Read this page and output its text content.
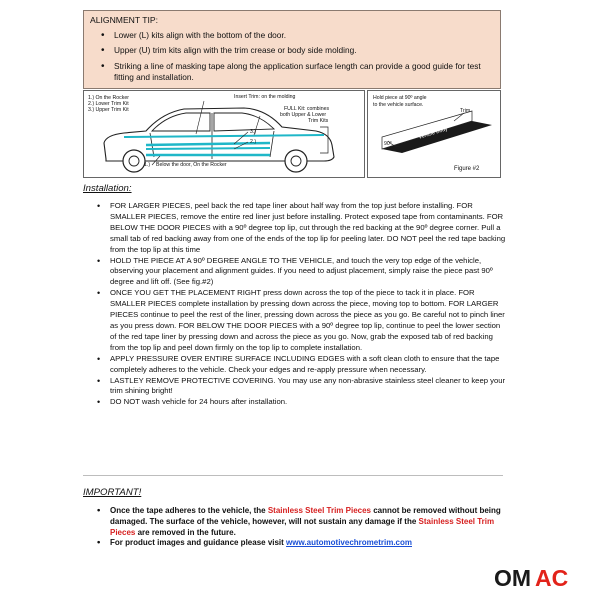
ALIGNMENT TIP:
• Lower (L) kits align with the bottom of the door.
• Upper (U) trim kits align with the trim crease or body side molding.
• Striking a line of masking tape along the application surface length can provide a good guide for test fitting and installation.
1.) On the Rocker
2.) Lower Trim Kit
3.) Upper Trim Kit
Insert Trim: on the molding
FULL Kit: combines
both Upper & Lower
Trim Kits
3.)
2.)
1.) Below the door, On the Rocker
Hold piece at 90º angle
to the vehicle surface.
Trim
90°
Vehicle Body
Figure #2
Installation:
• FOR LARGER PIECES, peel back the red tape liner about half way from the top just before installing. FOR SMALLER PIECES, remove the entire red liner just before installing. Protect exposed tape from contaminants. FOR BELOW THE DOOR PIECES with a 90º degree top lip, cut through the red backing at the 90º degree corner. Pull a small tab of red backing away from one of the ends of the top lip for peeling later. DO NOT peel the red tape backing from the top lip at this time
• HOLD THE PIECE AT A 90º DEGREE ANGLE TO THE VEHICLE, and touch the very top edge of the vehicle, observing your placement and alignment guides. If you need to adjust placement, simply raise the piece past 90º degree and lift off. (See fig.#2)
• ONCE YOU GET THE PLACEMENT RIGHT press down across the top of the piece to tack it in place. FOR SMALLER PIECES complete installation by pressing down across the piece, moving top to bottom. FOR LARGER PIECES continue to peel the rest of the liner, pressing down across the piece as you go. Be careful not to pinch liner as you press down. FOR BELOW THE DOOR PIECES with a 90º degree top lip, continue to peel the lower section of the red tape liner by pressing down and across the piece as you go. Now, grab the exposed tab of red backing from the top lip and peel down firmly on the top lip to complete installation.
• APPLY PRESSURE OVER ENTIRE SURFACE INCLUDING EDGES with a soft clean cloth to ensure that the tape completely adheres to the vehicle. Check your edges and re-apply pressure when necessary.
• LASTLEY REMOVE PROTECTIVE COVERING. You may use any non-abrasive stainless steel cleaner to keep your trim shining bright!
• DO NOT wash vehicle for 24 hours after installation.
IMPORTANT!
• Once the tape adheres to the vehicle, the Stainless Steel Trim Pieces cannot be removed without being damaged. The surface of the vehicle, however, will not sustain any damage if the Stainless Steel Trim Pieces are removed in the future.
• For product images and guidance please visit www.automotivechrometrim.com
OM AC
